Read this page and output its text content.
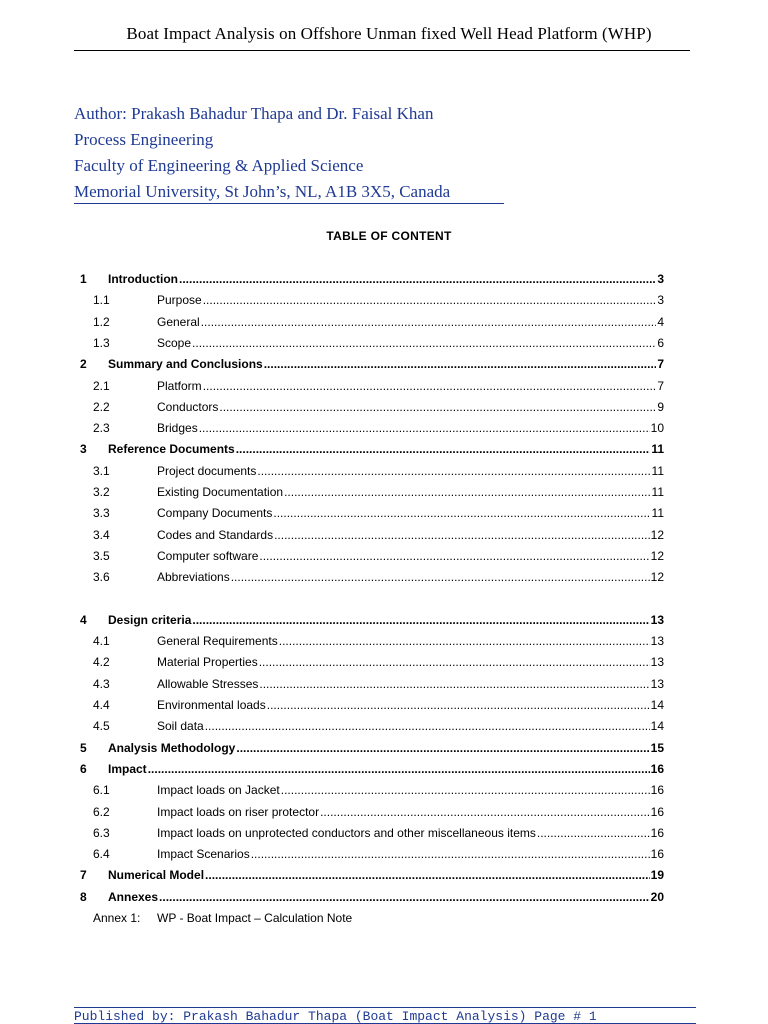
Boat Impact Analysis on Offshore Unman fixed Well Head Platform (WHP)
Author: Prakash Bahadur Thapa and Dr. Faisal Khan
Process Engineering
Faculty of Engineering & Applied Science
Memorial University, St John’s, NL, A1B 3X5, Canada
TABLE OF CONTENT
1 Introduction .....	3
1.1	Purpose .....	3
1.2	General .....	4
1.3	Scope .....	6
2 Summary and Conclusions .....	7
2.1	Platform .....	7
2.2	Conductors .....	9
2.3	Bridges .....	10
3 Reference Documents .....	11
3.1	Project documents .....	11
3.2	Existing Documentation .....	11
3.3	Company Documents .....	11
3.4	Codes and Standards .....	12
3.5	Computer software .....	12
3.6	Abbreviations .....	12
4 Design criteria .....	13
4.1	General Requirements .....	13
4.2	Material Properties .....	13
4.3	Allowable Stresses .....	13
4.4	Environmental loads .....	14
4.5	Soil data .....	14
5 Analysis Methodology .....	15
6 Impact .....	16
6.1	Impact loads on Jacket .....	16
6.2	Impact loads on riser protector .....	16
6.3	Impact loads on unprotected conductors and other miscellaneous items .....	16
6.4	Impact Scenarios .....	16
7 Numerical Model .....	19
8 Annexes .....	20
Annex 1: WP - Boat Impact – Calculation Note
Published by: Prakash Bahadur Thapa (Boat Impact Analysis) Page # 1
